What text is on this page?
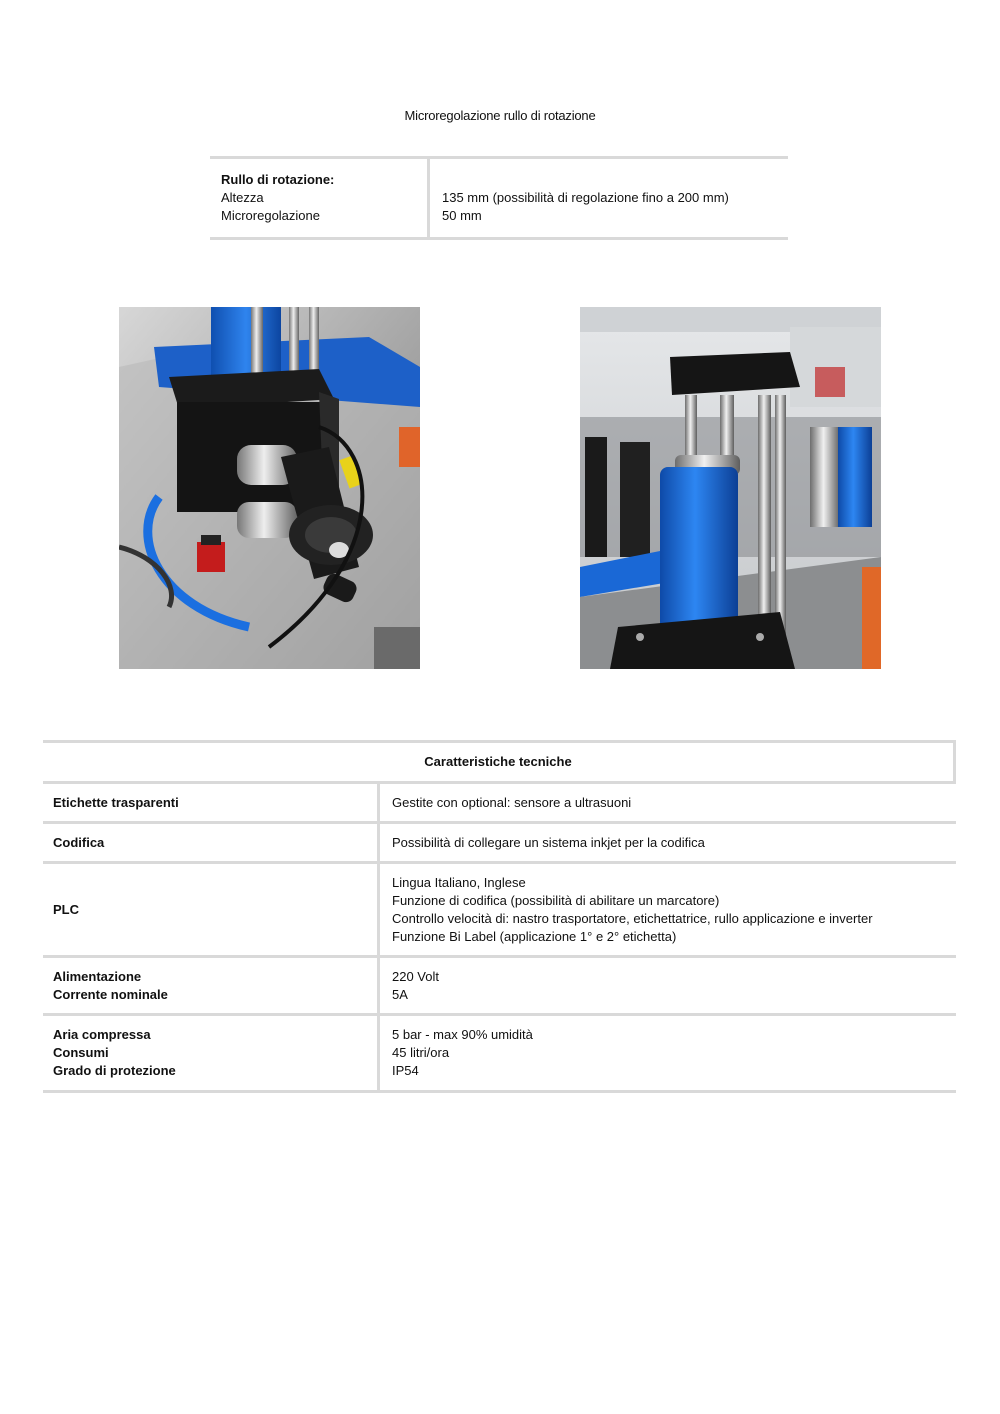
Microregolazione rullo di rotazione
Rullo di rotazione:
Altezza
Microregolazione
135 mm (possibilità di regolazione fino a 200 mm)
50 mm
Caratteristiche tecniche
Etichette trasparenti	Gestite con optional: sensore a ultrasuoni
Codifica	Possibilità di collegare un sistema inkjet per la codifica
PLC
Lingua Italiano, Inglese
Funzione di codifica (possibilità di abilitare un marcatore)
Controllo velocità di: nastro trasportatore, etichettatrice, rullo applicazione e inverter
Funzione Bi Label (applicazione 1° e 2° etichetta)
Alimentazione
Corrente nominale
220 Volt
5A
Aria compressa
Consumi
Grado di protezione
5 bar - max 90% umidità
45 litri/ora
IP54
